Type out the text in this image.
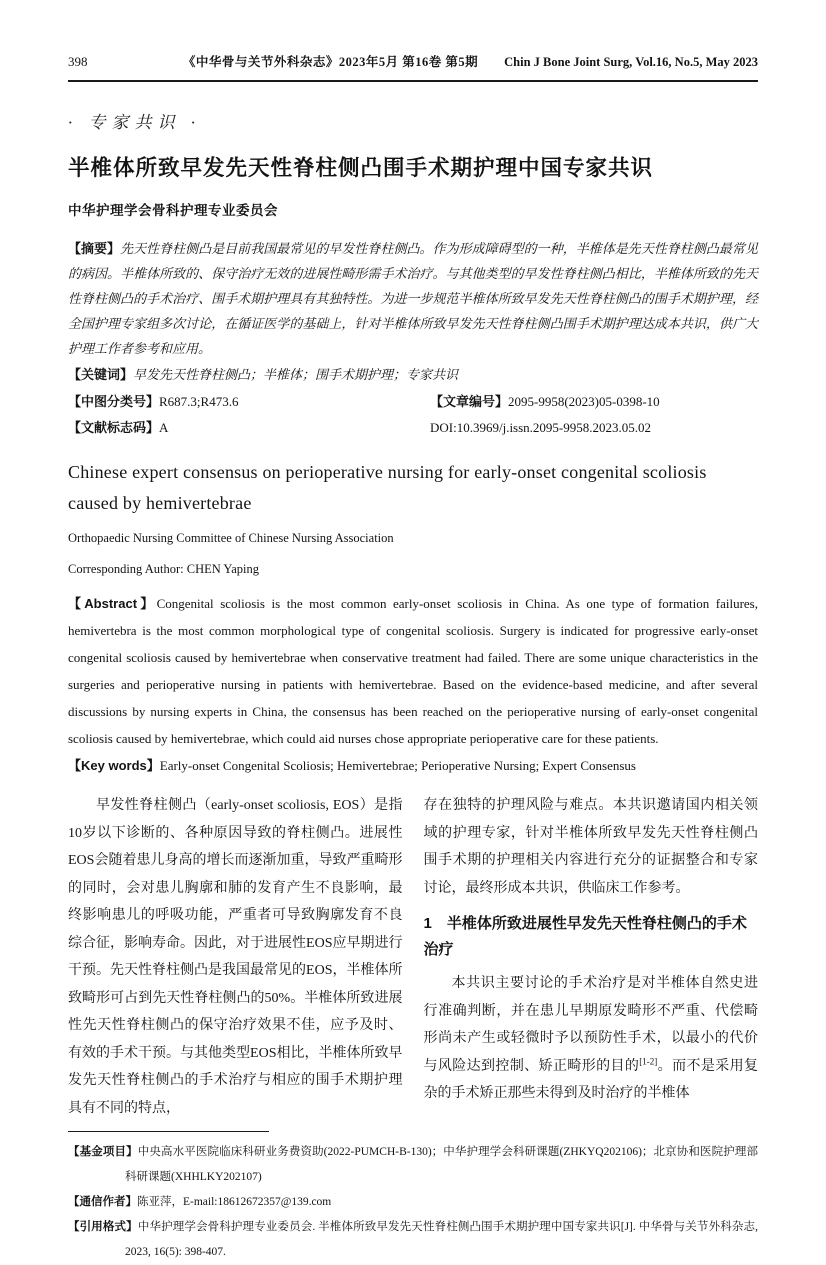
398	《中华骨与关节外科杂志》2023年5月 第16卷 第5期	Chin J Bone Joint Surg, Vol.16, No.5, May 2023
· 专家共识 ·
半椎体所致早发先天性脊柱侧凸围手术期护理中国专家共识
中华护理学会骨科护理专业委员会

【摘要】先天性脊柱侧凸是目前我国最常见的早发性脊柱侧凸。作为形成障碍型的一种，半椎体是先天性脊柱侧凸最常见的病因。半椎体所致的、保守治疗无效的进展性畸形需手术治疗。与其他类型的早发性脊柱侧凸相比，半椎体所致的先天性脊柱侧凸的手术治疗、围手术期护理具有其独特性。为进一步规范半椎体所致早发先天性脊柱侧凸的围手术期护理，经全国护理专家组多次讨论，在循证医学的基础上，针对半椎体所致早发先天性脊柱侧凸围手术期护理达成本共识，供广大护理工作者参考和应用。

【关键词】早发先天性脊柱侧凸；半椎体；围手术期护理；专家共识

【中图分类号】R687.3;R473.6	【文章编号】2095-9958(2023)05-0398-10
【文献标志码】A	DOI:10.3969/j.issn.2095-9958.2023.05.02
Chinese expert consensus on perioperative nursing for early-onset congenital scoliosis caused by hemivertebrae
Orthopaedic Nursing Committee of Chinese Nursing Association
Corresponding Author: CHEN Yaping

【Abstract】Congenital scoliosis is the most common early-onset scoliosis in China. As one type of formation failures, hemivertebra is the most common morphological type of congenital scoliosis. Surgery is indicated for progressive early-onset congenital scoliosis caused by hemivertebrae when conservative treatment had failed. There are some unique characteristics in the surgeries and perioperative nursing in patients with hemivertebrae. Based on the evidence-based medicine, and after several discussions by nursing experts in China, the consensus has been reached on the perioperative nursing of early-onset congenital scoliosis caused by hemivertebrae, which could aid nurses chose appropriate perioperative care for these patients.

【Key words】Early-onset Congenital Scoliosis; Hemivertebrae; Perioperative Nursing; Expert Consensus

早发性脊柱侧凸（early-onset scoliosis, EOS）是指10岁以下诊断的、各种原因导致的脊柱侧凸。进展性EOS会随着患儿身高的增长而逐渐加重，导致严重畸形的同时，会对患儿胸廓和肺的发育产生不良影响，最终影响患儿的呼吸功能，严重者可导致胸廓发育不良综合征，影响寿命。因此，对于进展性EOS应早期进行干预。先天性脊柱侧凸是我国最常见的EOS，半椎体所致畸形可占到先天性脊柱侧凸的50%。半椎体所致进展性先天性脊柱侧凸的保守治疗效果不佳，应予及时、有效的手术干预。与其他类型EOS相比，半椎体所致早发先天性脊柱侧凸的手术治疗与相应的围手术期护理具有不同的特点，

存在独特的护理风险与难点。本共识邀请国内相关领域的护理专家，针对半椎体所致早发先天性脊柱侧凸围手术期的护理相关内容进行充分的证据整合和专家讨论，最终形成本共识，供临床工作参考。

1　半椎体所致进展性早发先天性脊柱侧凸的手术治疗

本共识主要讨论的手术治疗是对半椎体自然史进行准确判断，并在患儿早期原发畸形不严重、代偿畸形尚未产生或轻微时予以预防性手术，以最小的代价与风险达到控制、矫正畸形的目的[1-2]。而不是采用复杂的手术矫正那些未得到及时治疗的半椎体

【基金项目】中央高水平医院临床科研业务费资助(2022-PUMCH-B-130)；中华护理学会科研课题(ZHKYQ202106)；北京协和医院护理部科研课题(XHHLKY202107)
【通信作者】陈亚萍，E-mail:18612672357@139.com
【引用格式】中华护理学会骨科护理专业委员会. 半椎体所致早发先天性脊柱侧凸围手术期护理中国专家共识[J]. 中华骨与关节外科杂志, 2023, 16(5): 398-407.
